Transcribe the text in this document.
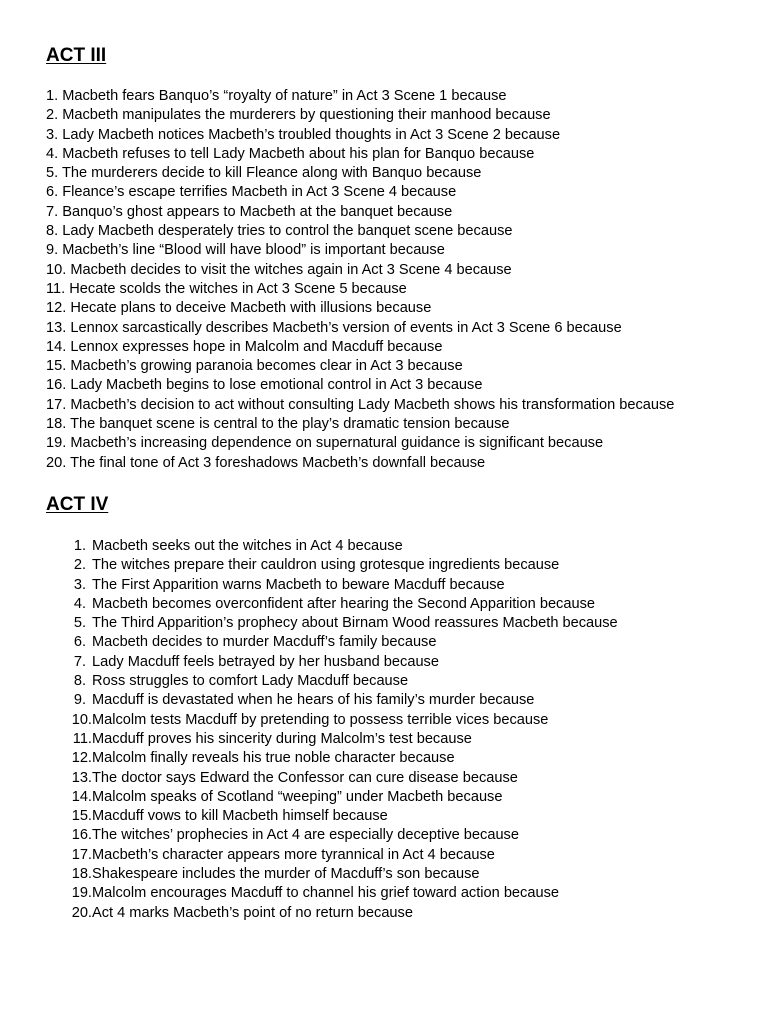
ACT III
1. Macbeth fears Banquo’s “royalty of nature” in Act 3 Scene 1 because
2. Macbeth manipulates the murderers by questioning their manhood because
3. Lady Macbeth notices Macbeth’s troubled thoughts in Act 3 Scene 2 because
4. Macbeth refuses to tell Lady Macbeth about his plan for Banquo because
5. The murderers decide to kill Fleance along with Banquo because
6. Fleance’s escape terrifies Macbeth in Act 3 Scene 4 because
7. Banquo’s ghost appears to Macbeth at the banquet because
8. Lady Macbeth desperately tries to control the banquet scene because
9. Macbeth’s line “Blood will have blood” is important because
10. Macbeth decides to visit the witches again in Act 3 Scene 4 because
11. Hecate scolds the witches in Act 3 Scene 5 because
12. Hecate plans to deceive Macbeth with illusions because
13. Lennox sarcastically describes Macbeth’s version of events in Act 3 Scene 6 because
14. Lennox expresses hope in Malcolm and Macduff because
15. Macbeth’s growing paranoia becomes clear in Act 3 because
16. Lady Macbeth begins to lose emotional control in Act 3 because
17. Macbeth’s decision to act without consulting Lady Macbeth shows his transformation because
18. The banquet scene is central to the play’s dramatic tension because
19. Macbeth’s increasing dependence on supernatural guidance is significant because
20. The final tone of Act 3 foreshadows Macbeth’s downfall because
ACT IV
1. Macbeth seeks out the witches in Act 4 because
2. The witches prepare their cauldron using grotesque ingredients because
3. The First Apparition warns Macbeth to beware Macduff because
4. Macbeth becomes overconfident after hearing the Second Apparition because
5. The Third Apparition’s prophecy about Birnam Wood reassures Macbeth because
6. Macbeth decides to murder Macduff’s family because
7. Lady Macduff feels betrayed by her husband because
8. Ross struggles to comfort Lady Macduff because
9. Macduff is devastated when he hears of his family’s murder because
10. Malcolm tests Macduff by pretending to possess terrible vices because
11. Macduff proves his sincerity during Malcolm’s test because
12. Malcolm finally reveals his true noble character because
13. The doctor says Edward the Confessor can cure disease because
14. Malcolm speaks of Scotland “weeping” under Macbeth because
15. Macduff vows to kill Macbeth himself because
16. The witches’ prophecies in Act 4 are especially deceptive because
17. Macbeth’s character appears more tyrannical in Act 4 because
18. Shakespeare includes the murder of Macduff’s son because
19. Malcolm encourages Macduff to channel his grief toward action because
20. Act 4 marks Macbeth’s point of no return because
